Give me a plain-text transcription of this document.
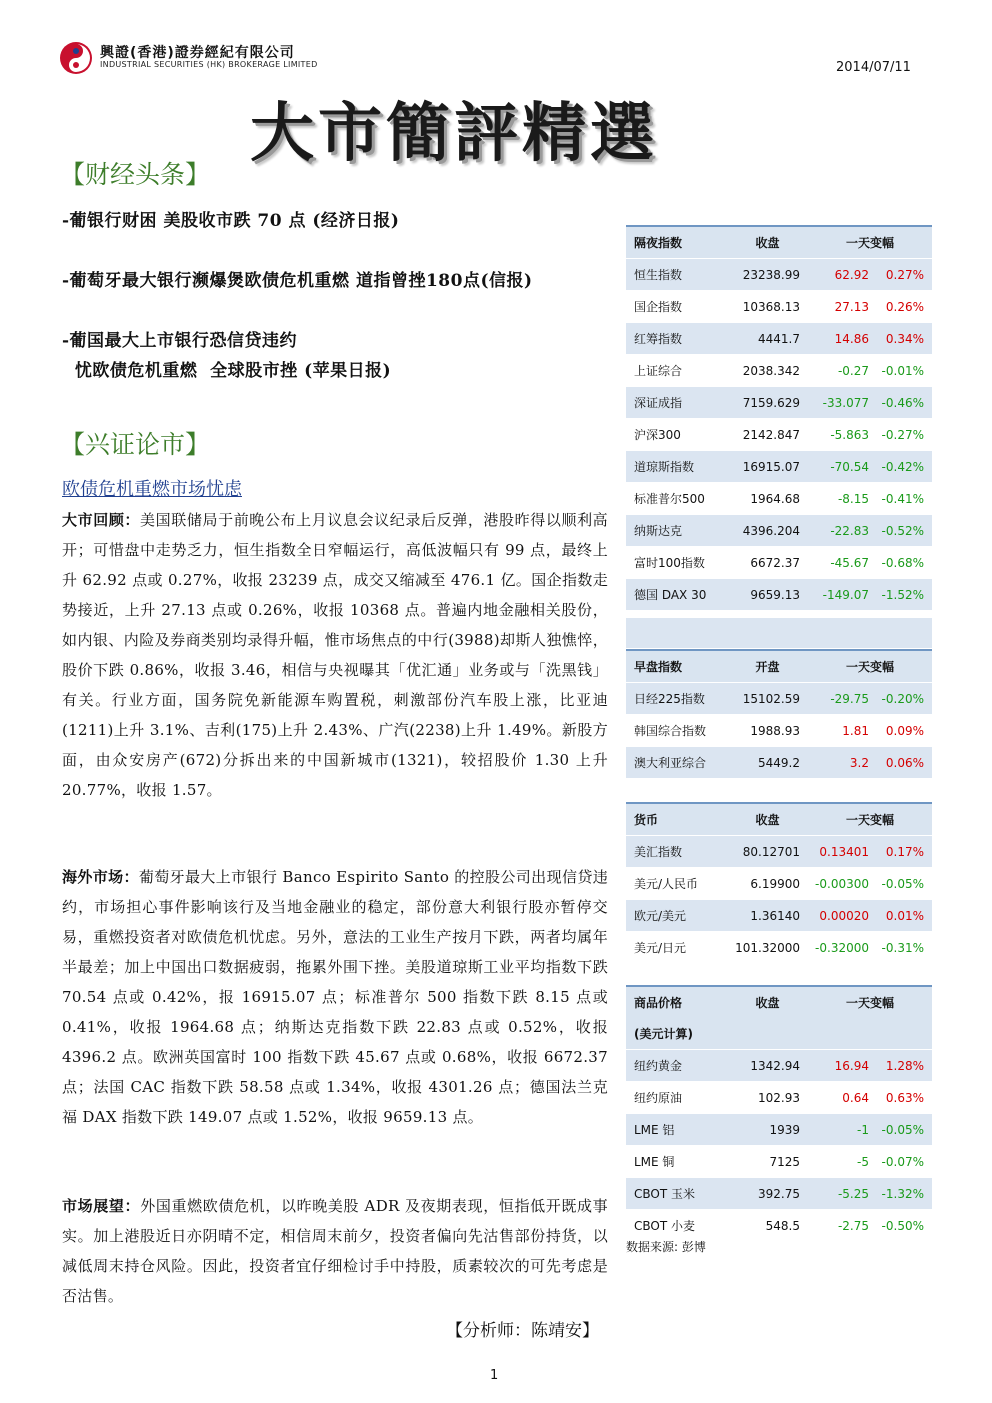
興證(香港)證券經紀有限公司
INDUSTRIAL SECURITIES (HK) BROKERAGE LIMITED	2014/07/11
大市簡評精選
【财经头条】
-葡银行财困 美股收市跌 70 点 (经济日报)
-葡萄牙最大银行濒爆煲欧债危机重燃 道指曾挫180点(信报)
-葡国最大上市银行恐信贷违约
忧欧债危机重燃  全球股市挫 (苹果日报)
【兴证论市】
欧债危机重燃市场忧虑
大市回顾：美国联储局于前晚公布上月议息会议纪录后反弹，港股昨得以顺利高开；可惜盘中走势乏力，恒生指数全日窄幅运行，高低波幅只有 99 点，最终上升 62.92 点或 0.27%，收报 23239 点，成交又缩减至 476.1 亿。国企指数走势接近，上升 27.13 点或 0.26%，收报 10368 点。普遍内地金融相关股份，如内银、内险及券商类别均录得升幅，惟市场焦点的中行(3988)却斯人独憔悴，股价下跌 0.86%，收报 3.46，相信与央视曝其「优汇通」业务或与「洗黑钱」有关。行业方面，国务院免新能源车购置税，刺激部份汽车股上涨，比亚迪(1211)上升 3.1%、吉利(175)上升 2.43%、广汽(2238)上升 1.49%。新股方面，由众安房产(672)分拆出来的中国新城市(1321)，较招股价 1.30 上升 20.77%，收报 1.57。
海外市场：葡萄牙最大上市银行 Banco Espirito Santo 的控股公司出现信贷违约，市场担心事件影响该行及当地金融业的稳定，部份意大利银行股亦暂停交易，重燃投资者对欧债危机忧虑。另外，意法的工业生产按月下跌，两者均属年半最差；加上中国出口数据疲弱，拖累外围下挫。美股道琼斯工业平均指数下跌 70.54 点或 0.42%，报 16915.07 点；标准普尔 500 指数下跌 8.15 点或 0.41%，收报 1964.68 点；纳斯达克指数下跌 22.83 点或 0.52%，收报 4396.2 点。欧洲英国富时 100 指数下跌 45.67 点或 0.68%，收报 6672.37 点；法国 CAC 指数下跌 58.58 点或 1.34%，收报 4301.26 点；德国法兰克福 DAX 指数下跌 149.07 点或 1.52%，收报 9659.13 点。
市场展望：外国重燃欧债危机，以昨晚美股 ADR 及夜期表现，恒指低开既成事实。加上港股近日亦阴晴不定，相信周末前夕，投资者偏向先沽售部份持货，以减低周末持仓风险。因此，投资者宜仔细检讨手中持股，质素较次的可先考虑是否沽售。
【分析师：陈靖安】
隔夜指数	收盘	一天变幅	
恒生指数	23238.99	62.92	0.27%
国企指数	10368.13	27.13	0.26%
红筹指数	4441.7	14.86	0.34%
上证综合	2038.342	-0.27	-0.01%
深证成指	7159.629	-33.077	-0.46%
沪深300	2142.847	-5.863	-0.27%
道琼斯指数	16915.07	-70.54	-0.42%
标准普尔500	1964.68	-8.15	-0.41%
纳斯达克	4396.204	-22.83	-0.52%
富时100指数	6672.37	-45.67	-0.68%
德国 DAX 30	9659.13	-149.07	-1.52%

早盘指数	开盘	一天变幅	
日经225指数	15102.59	-29.75	-0.20%
韩国综合指数	1988.93	1.81	0.09%
澳大利亚综合	5449.2	3.2	0.06%
货币	收盘	一天变幅	
美汇指数	80.12701	0.13401	0.17%
美元/人民币	6.19900	-0.00300	-0.05%
欧元/美元	1.36140	0.00020	0.01%
美元/日元	101.32000	-0.32000	-0.31%
商品价格	收盘	一天变幅	
(美元计算)			
纽约黄金	1342.94	16.94	1.28%
纽约原油	102.93	0.64	0.63%
LME 铝	1939	-1	-0.05%
LME 铜	7125	-5	-0.07%
CBOT 玉米	392.75	-5.25	-1.32%
CBOT 小麦	548.5	-2.75	-0.50%
数据来源: 彭博
1
